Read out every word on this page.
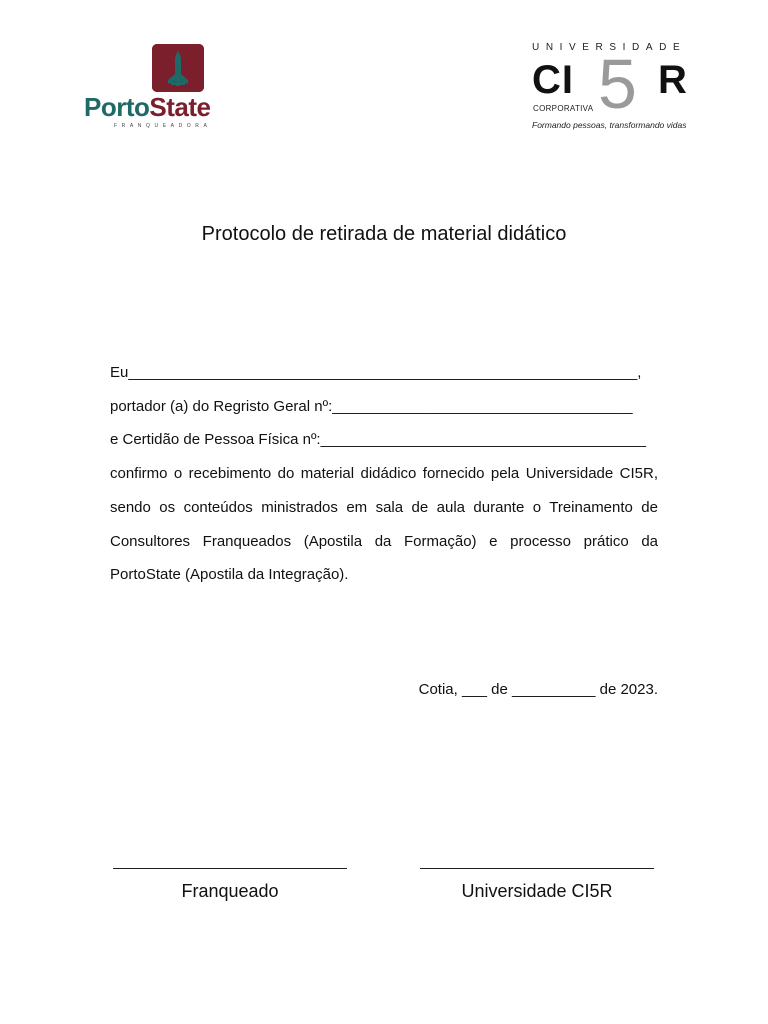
PortoState
FRANQUEADORA
UNIVERSIDADE
CI 5 R
CORPORATIVA
Formando pessoas, transformando vidas
Protocolo de retirada de material didático
Eu_____________________________________________________________,
portador (a) do Regristo Geral nº:____________________________________
e Certidão de Pessoa Física nº:_______________________________________
confirmo o recebimento do material didádico fornecido pela Universidade CI5R, sendo os conteúdos ministrados em sala de aula durante o Treinamento de Consultores Franqueados (Apostila da Formação) e processo prático da PortoState (Apostila da Integração).
Cotia, ___ de __________ de 2023.
____________________________
Franqueado
____________________________
Universidade CI5R
